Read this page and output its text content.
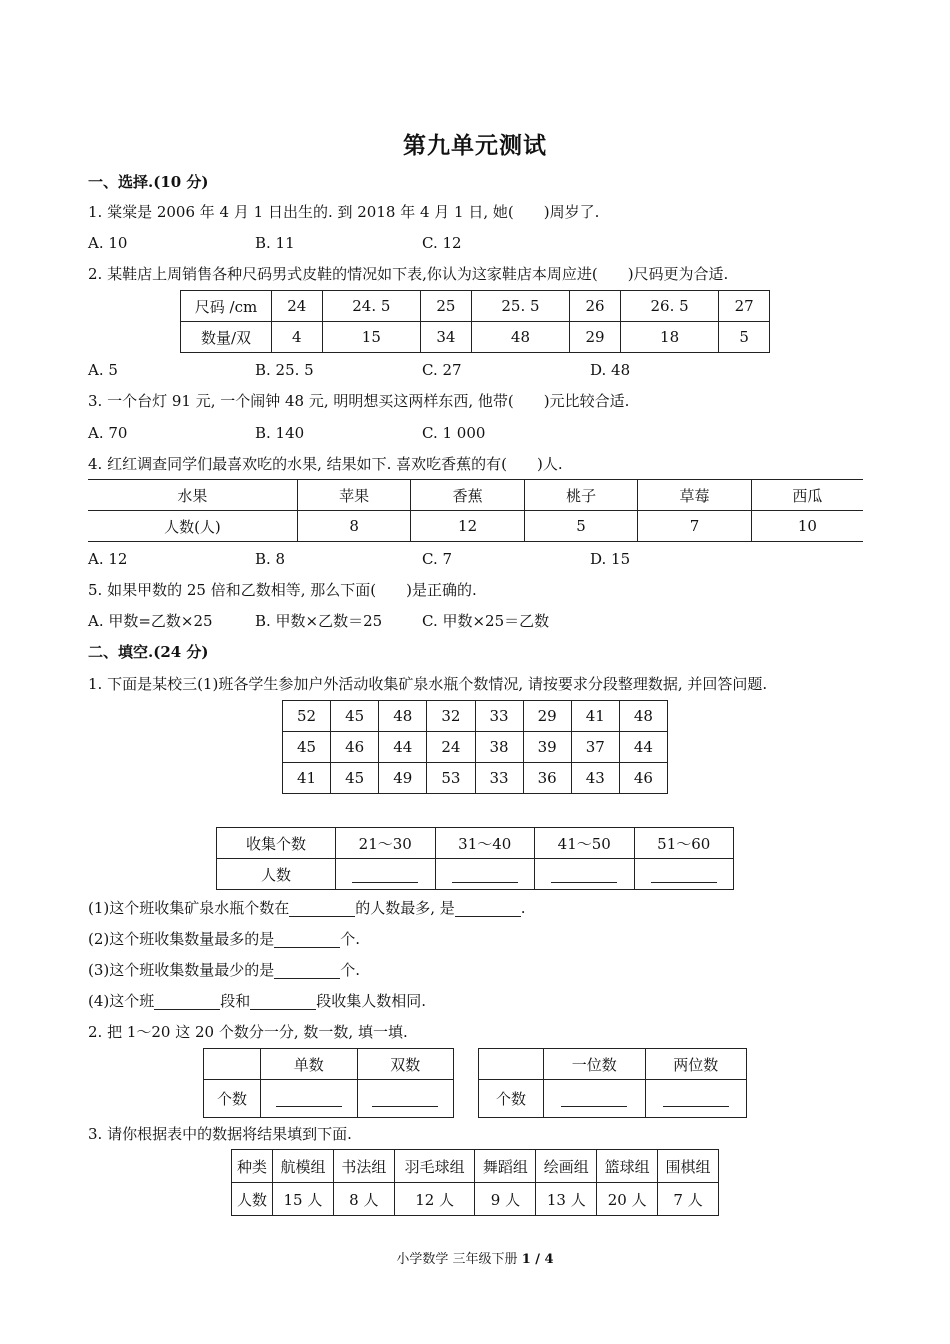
第九单元测试
一、选择.(10 分)
1. 棠棠是 2006 年 4 月 1 日出生的. 到 2018 年 4 月 1 日, 她(　　)周岁了.
A. 10	B. 11	C. 12
2. 某鞋店上周销售各种尺码男式皮鞋的情况如下表,你认为这家鞋店本周应进(　　)尺码更为合适.
尺码 /cm	24	24. 5	25	25. 5	26	26. 5	27
数量/双	4	15	34	48	29	18	5
A. 5	B. 25. 5	C. 27	D. 48
3. 一个台灯 91 元, 一个闹钟 48 元, 明明想买这两样东西, 他带(　　)元比较合适.
A. 70	B. 140	C. 1 000
4. 红红调查同学们最喜欢吃的水果, 结果如下. 喜欢吃香蕉的有(　　)人.
水果	苹果	香蕉	桃子	草莓	西瓜
人数(人)	8	12	5	7	10
A. 12	B. 8	C. 7	D. 15
5. 如果甲数的 25 倍和乙数相等, 那么下面(　　)是正确的.
A. 甲数=乙数×25	B. 甲数×乙数＝25	C. 甲数×25＝乙数
二、填空.(24 分)
1. 下面是某校三(1)班各学生参加户外活动收集矿泉水瓶个数情况, 请按要求分段整理数据, 并回答问题.
52	45	48	32	33	29	41	48
45	46	44	24	38	39	37	44
41	45	49	53	33	36	43	46
收集个数	21～30	31～40	41～50	51～60
人数				
(1)这个班收集矿泉水瓶个数在	的人数最多, 是	.
(2)这个班收集数量最多的是	个.
(3)这个班收集数量最少的是	个.
(4)这个班	段和	段收集人数相同.
2. 把 1～20 这 20 个数分一分, 数一数, 填一填.
	单数	双数
个数		
	一位数	两位数
个数		
3. 请你根据表中的数据将结果填到下面.
种类	航模组	书法组	羽毛球组	舞蹈组	绘画组	篮球组	围棋组
人数	15 人	8 人	12 人	9 人	13 人	20 人	7 人
小学数学 三年级下册 1 / 4
